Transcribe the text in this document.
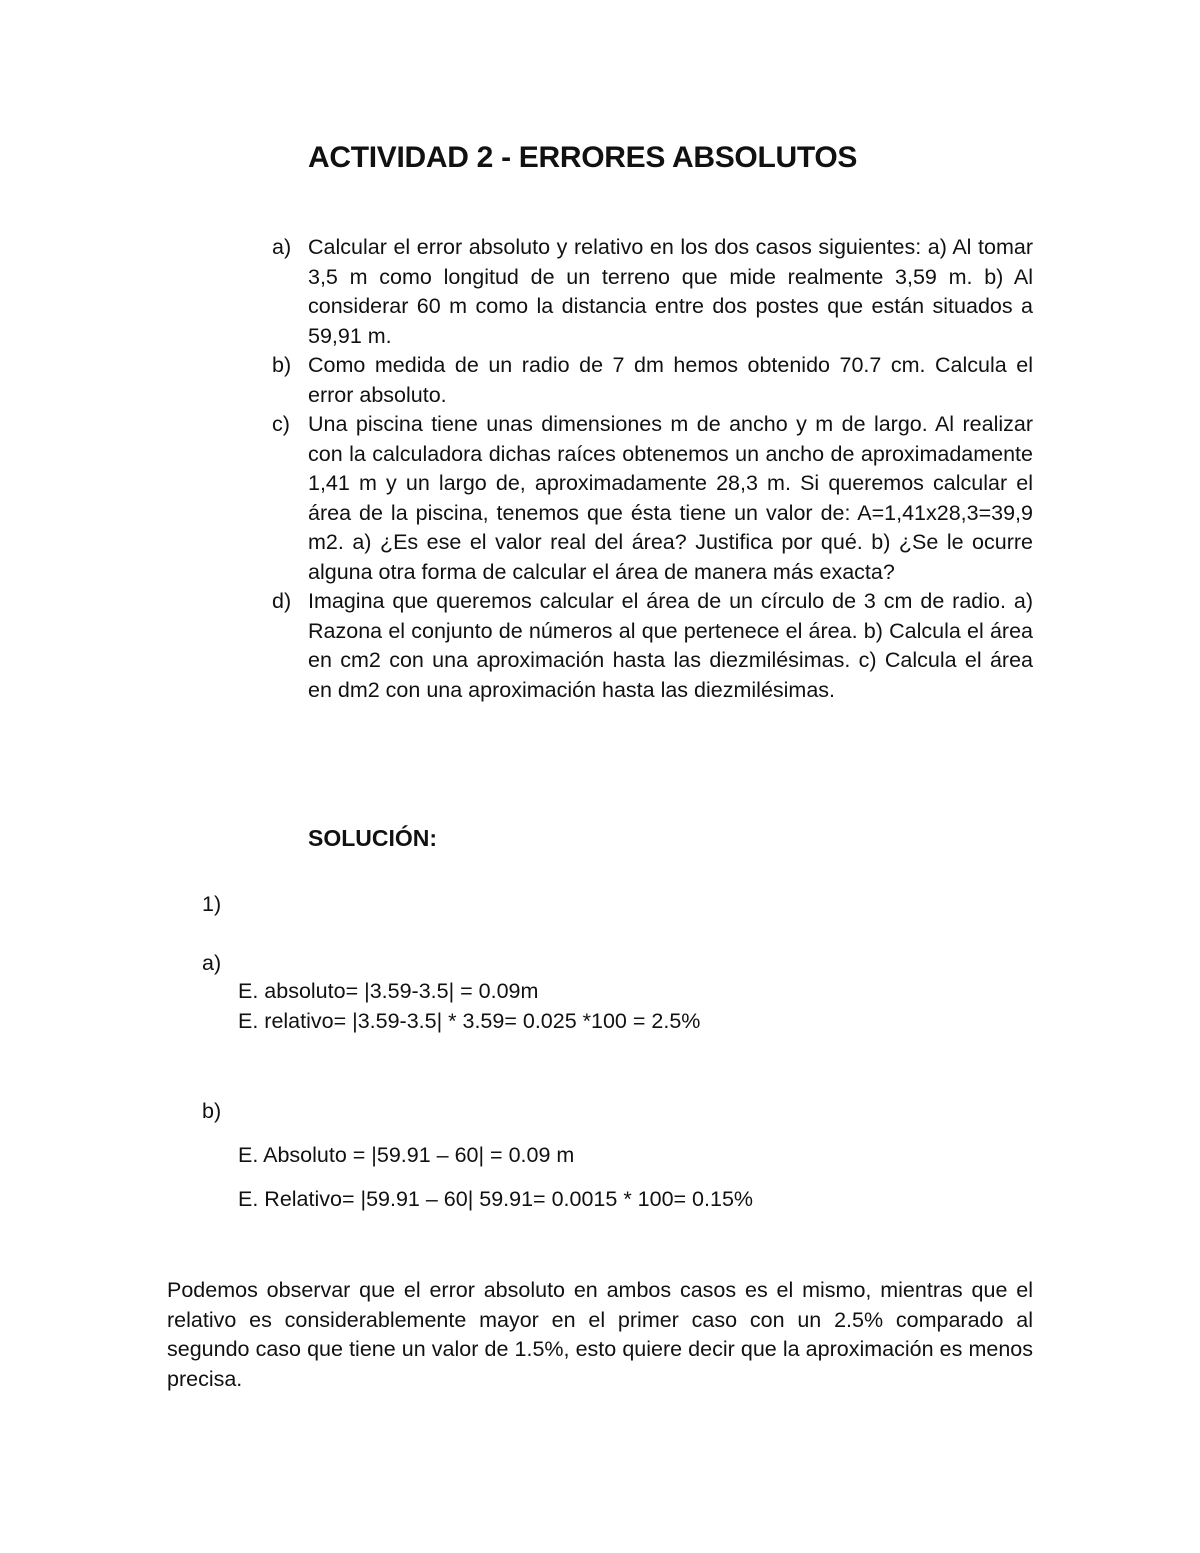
ACTIVIDAD 2 - ERRORES ABSOLUTOS
a) Calcular el error absoluto y relativo en los dos casos siguientes: a) Al tomar 3,5 m como longitud de un terreno que mide realmente 3,59 m. b) Al considerar 60 m como la distancia entre dos postes que están situados a 59,91 m.
b) Como medida de un radio de 7 dm hemos obtenido 70.7 cm. Calcula el error absoluto.
c) Una piscina tiene unas dimensiones m de ancho y m de largo. Al realizar con la calculadora dichas raíces obtenemos un ancho de aproximadamente 1,41 m y un largo de, aproximadamente 28,3 m. Si queremos calcular el área de la piscina, tenemos que ésta tiene un valor de: A=1,41x28,3=39,9 m2. a) ¿Es ese el valor real del área? Justifica por qué. b) ¿Se le ocurre alguna otra forma de calcular el área de manera más exacta?
d) Imagina que queremos calcular el área de un círculo de 3 cm de radio. a) Razona el conjunto de números al que pertenece el área. b) Calcula el área en cm2 con una aproximación hasta las diezmilésimas. c) Calcula el área en dm2 con una aproximación hasta las diezmilésimas.
SOLUCIÓN:
1)
a)
E. absoluto= |3.59-3.5| = 0.09m
E. relativo= |3.59-3.5| * 3.59= 0.025 *100 = 2.5%
b)
E. Absoluto = |59.91 – 60| = 0.09 m
E. Relativo= |59.91 – 60| 59.91= 0.0015 * 100= 0.15%

Podemos observar que el error absoluto en ambos casos es el mismo, mientras que el relativo es considerablemente mayor en el primer caso con un 2.5% comparado al segundo caso que tiene un valor de 1.5%, esto quiere decir que la aproximación es menos precisa.
